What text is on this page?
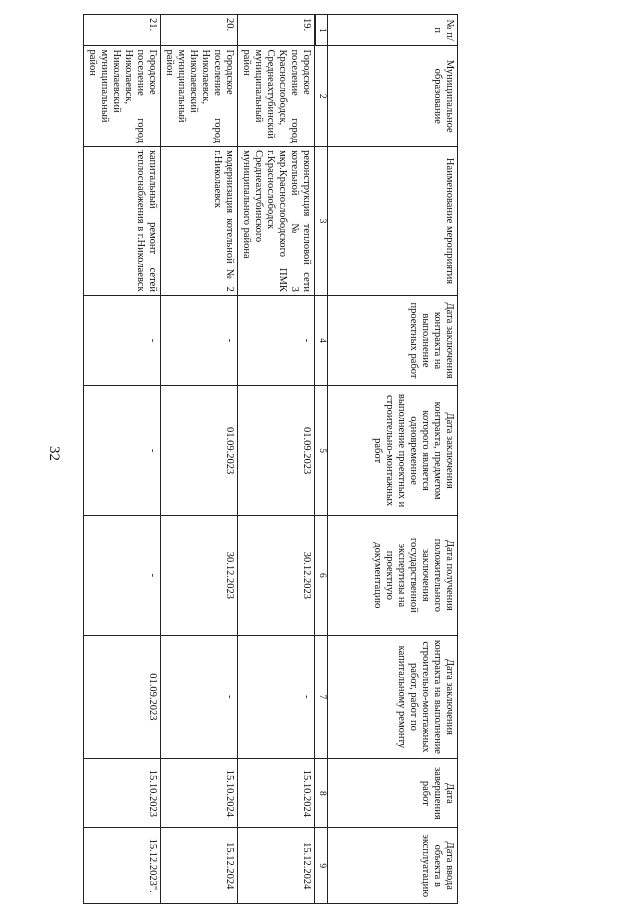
32
№ п/п	Муниципальное образование	Наименование мероприятия	Дата заключения контракта на выполнение проектных работ	Дата заключения контракта, предметом которого является одновременное выполнение проектных и строительно-монтажных работ	Дата получения положительного заключения государственной экспертизы на проектную документацию	Дата заключения контракта на выполнение строительно-монтажных работ, работ по капитальному ремонту	Дата завершения работ	Дата ввода объекта в эксплуатацию
1	2	3	4	5	6	7	8	9
19.	Городское поселение город Краснослободск, Среднеахтубинский муниципальный район	реконструкция тепловой сети котельной № 3 мкр.Краснослободского ПМК г.Краснослободск Среднеахтубинского муниципального района	-	01.09.2023	30.12.2023	-	15.10.2024	15.12.2024
20.	Городское поселение город Николаевск, Николаевский муниципальный район	модернизация котельной № 2 г.Николаевск	-	01.09.2023	30.12.2023	-	15.10.2024	15.12.2024
21.	Городское поселение город Николаевск, Николаевский муниципальный район	капитальный ремонт сетей теплоснабжения в г.Николаевск	-	-	-	01.09.2023	15.10.2023	15.12.2023".
